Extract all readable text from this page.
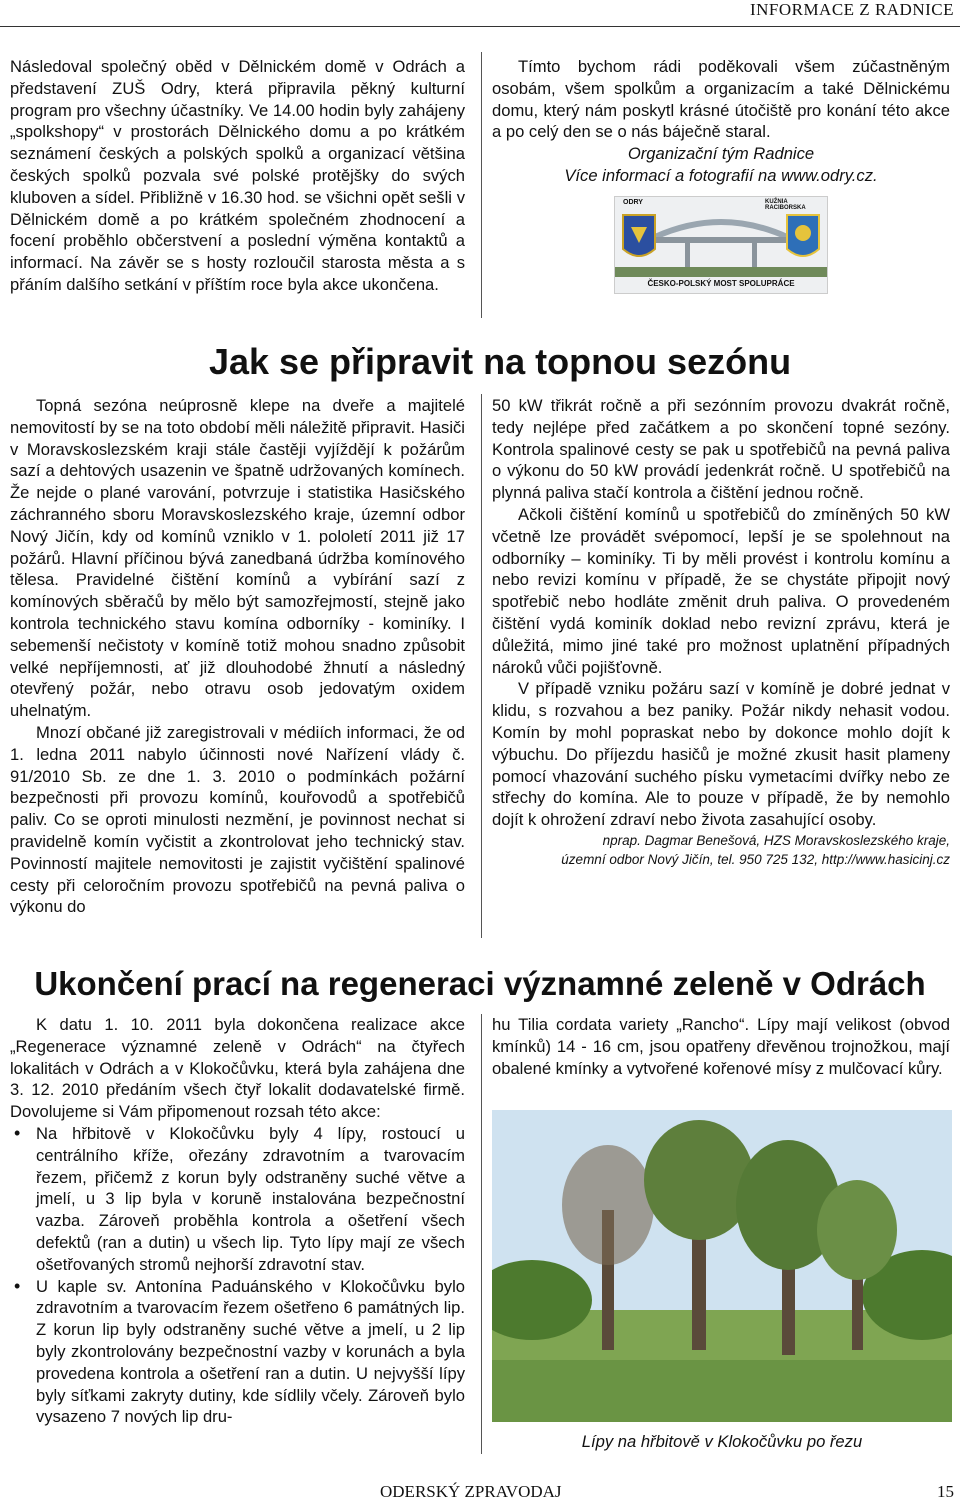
INFORMACE Z RADNICE

Následoval společný oběd v Dělnickém domě v Odrách a představení ZUŠ Odry, která připravila pěkný kulturní program pro všechny účastníky. Ve 14.00 hodin byly zahájeny „spolkshopy“ v prostorách Dělnického domu a po krátkém seznámení českých a polských spolků a organizací většina českých spolků pozvala své polské protějšky do svých kluboven a sídel. Přibližně v 16.30 hod. se všichni opět sešli v Dělnickém domě a po krátkém společném zhodnocení a focení proběhlo občerstvení a poslední výměna kontaktů a informací. Na závěr se s hosty rozloučil starosta města a s přáním dalšího setkání v příštím roce byla akce ukončena.

Tímto bychom rádi poděkovali všem zúčastněným osobám, všem spolkům a organizacím a také Dělnickému domu, který nám poskytl krásné útočiště pro konání této akce a po celý den se o nás báječně staral.

Organizační tým Radnice

Více informací a fotografií na www.odry.cz.

ODRY	KUŹNIA RACIBORSKA
ČESKO-POLSKÝ MOST SPOLUPRÁCE
Jak se připravit na topnou sezónu

Topná sezóna neúprosně klepe na dveře a majitelé nemovitostí by se na toto období měli náležitě připravit. Hasiči v Moravskoslezském kraji stále častěji vyjíždějí k požárům sazí a dehtových usazenin ve špatně udržovaných komínech. Že nejde o plané varování, potvrzuje i statistika Hasičského záchranného sboru Moravskoslezského kraje, územní odbor Nový Jičín, kdy od komínů vzniklo v 1. pololetí 2011 již 17 požárů. Hlavní příčinou bývá zanedbaná údržba komínového tělesa. Pravidelné čištění komínů a vybírání sazí z komínových sběračů by mělo být samozřejmostí, stejně jako kontrola technického stavu komína odborníky - kominíky. I sebemenší nečistoty v komíně totiž mohou snadno způsobit velké nepříjemnosti, ať již dlouhodobé žhnutí a následný otevřený požár, nebo otravu osob jedovatým oxidem uhelnatým.

Mnozí občané již zaregistrovali v médiích informaci, že od 1. ledna 2011 nabylo účinnosti nové Nařízení vlády č. 91/2010 Sb. ze dne 1. 3. 2010 o podmínkách požární bezpečnosti při provozu komínů, kouřovodů a spotřebičů paliv. Co se oproti minulosti nezmění, je povinnost nechat si pravidelně komín vyčistit a zkontrolovat jeho technický stav. Povinností majitele nemovitosti je zajistit vyčištění spalinové cesty při celoročním provozu spotřebičů na pevná paliva o výkonu do

50 kW třikrát ročně a při sezónním provozu dvakrát ročně, tedy nejlépe před začátkem a po skončení topné sezóny. Kontrola spalinové cesty se pak u spotřebičů na pevná paliva o výkonu do 50 kW provádí jedenkrát ročně. U spotřebičů na plynná paliva stačí kontrola a čištění jednou ročně.

Ačkoli čištění komínů u spotřebičů do zmíněných 50 kW včetně lze provádět svépomocí, lepší je se spolehnout na odborníky – kominíky. Ti by měli provést i kontrolu komínu a nebo revizi komínu v případě, že se chystáte připojit nový spotřebič nebo hodláte změnit druh paliva. O provedeném čištění vydá kominík doklad nebo revizní zprávu, která je důležitá, mimo jiné také pro možnost uplatnění případných nároků vůči pojišťovně.

V případě vzniku požáru sazí v komíně je dobré jednat v klidu, s rozvahou a bez paniky. Požár nikdy nehasit vodou. Komín by mohl popraskat nebo by dokonce mohlo dojít k výbuchu. Do příjezdu hasičů je možné zkusit hasit plameny pomocí vhazování suchého písku vymetacími dvířky nebo ze střechy do komína. Ale to pouze v případě, že by nemohlo dojít k ohrožení zdraví nebo života zasahující osoby.

nprap. Dagmar Benešová, HZS Moravskoslezského kraje,
územní odbor Nový Jičín, tel. 950 725 132, http://www.hasicinj.cz
Ukončení prací na regeneraci významné zeleně v Odrách

K datu 1. 10. 2011 byla dokončena realizace akce „Regenerace významné zeleně v Odrách“ na čtyřech lokalitách v Odrách a v Klokočůvku, která byla zahájena dne 3. 12. 2010 předáním všech čtyř lokalit dodavatelské firmě. Dovolujeme si Vám připomenout rozsah této akce:

• Na hřbitově v Klokočůvku byly 4 lípy, rostoucí u centrálního kříže, ořezány zdravotním a tvarovacím řezem, přičemž z korun byly odstraněny suché větve a jmelí, u 3 lip byla v koruně instalována bezpečnostní vazba. Zároveň proběhla kontrola a ošetření všech defektů (ran a dutin) u všech lip. Tyto lípy mají ze všech ošetřovaných stromů nejhorší zdravotní stav.
• U kaple sv. Antonína Paduánského v Klokočůvku bylo zdravotním a tvarovacím řezem ošetřeno 6 památných lip. Z korun lip byly odstraněny suché větve a jmelí, u 2 lip byly zkontrolovány bezpečnostní vazby v korunách a byla provedena kontrola a ošetření ran a dutin. U nejvyšší lípy byly síťkami zakryty dutiny, kde sídlily včely. Zároveň bylo vysazeno 7 nových lip dru-

hu Tilia cordata variety „Rancho“. Lípy mají velikost (obvod kmínků) 14 - 16 cm, jsou opatřeny dřevěnou trojnožkou, mají obalené kmínky a vytvořené kořenové mísy z mulčovací kůry.

Lípy na hřbitově v Klokočůvku po řezu
ODERSKÝ ZPRAVODAJ	15
